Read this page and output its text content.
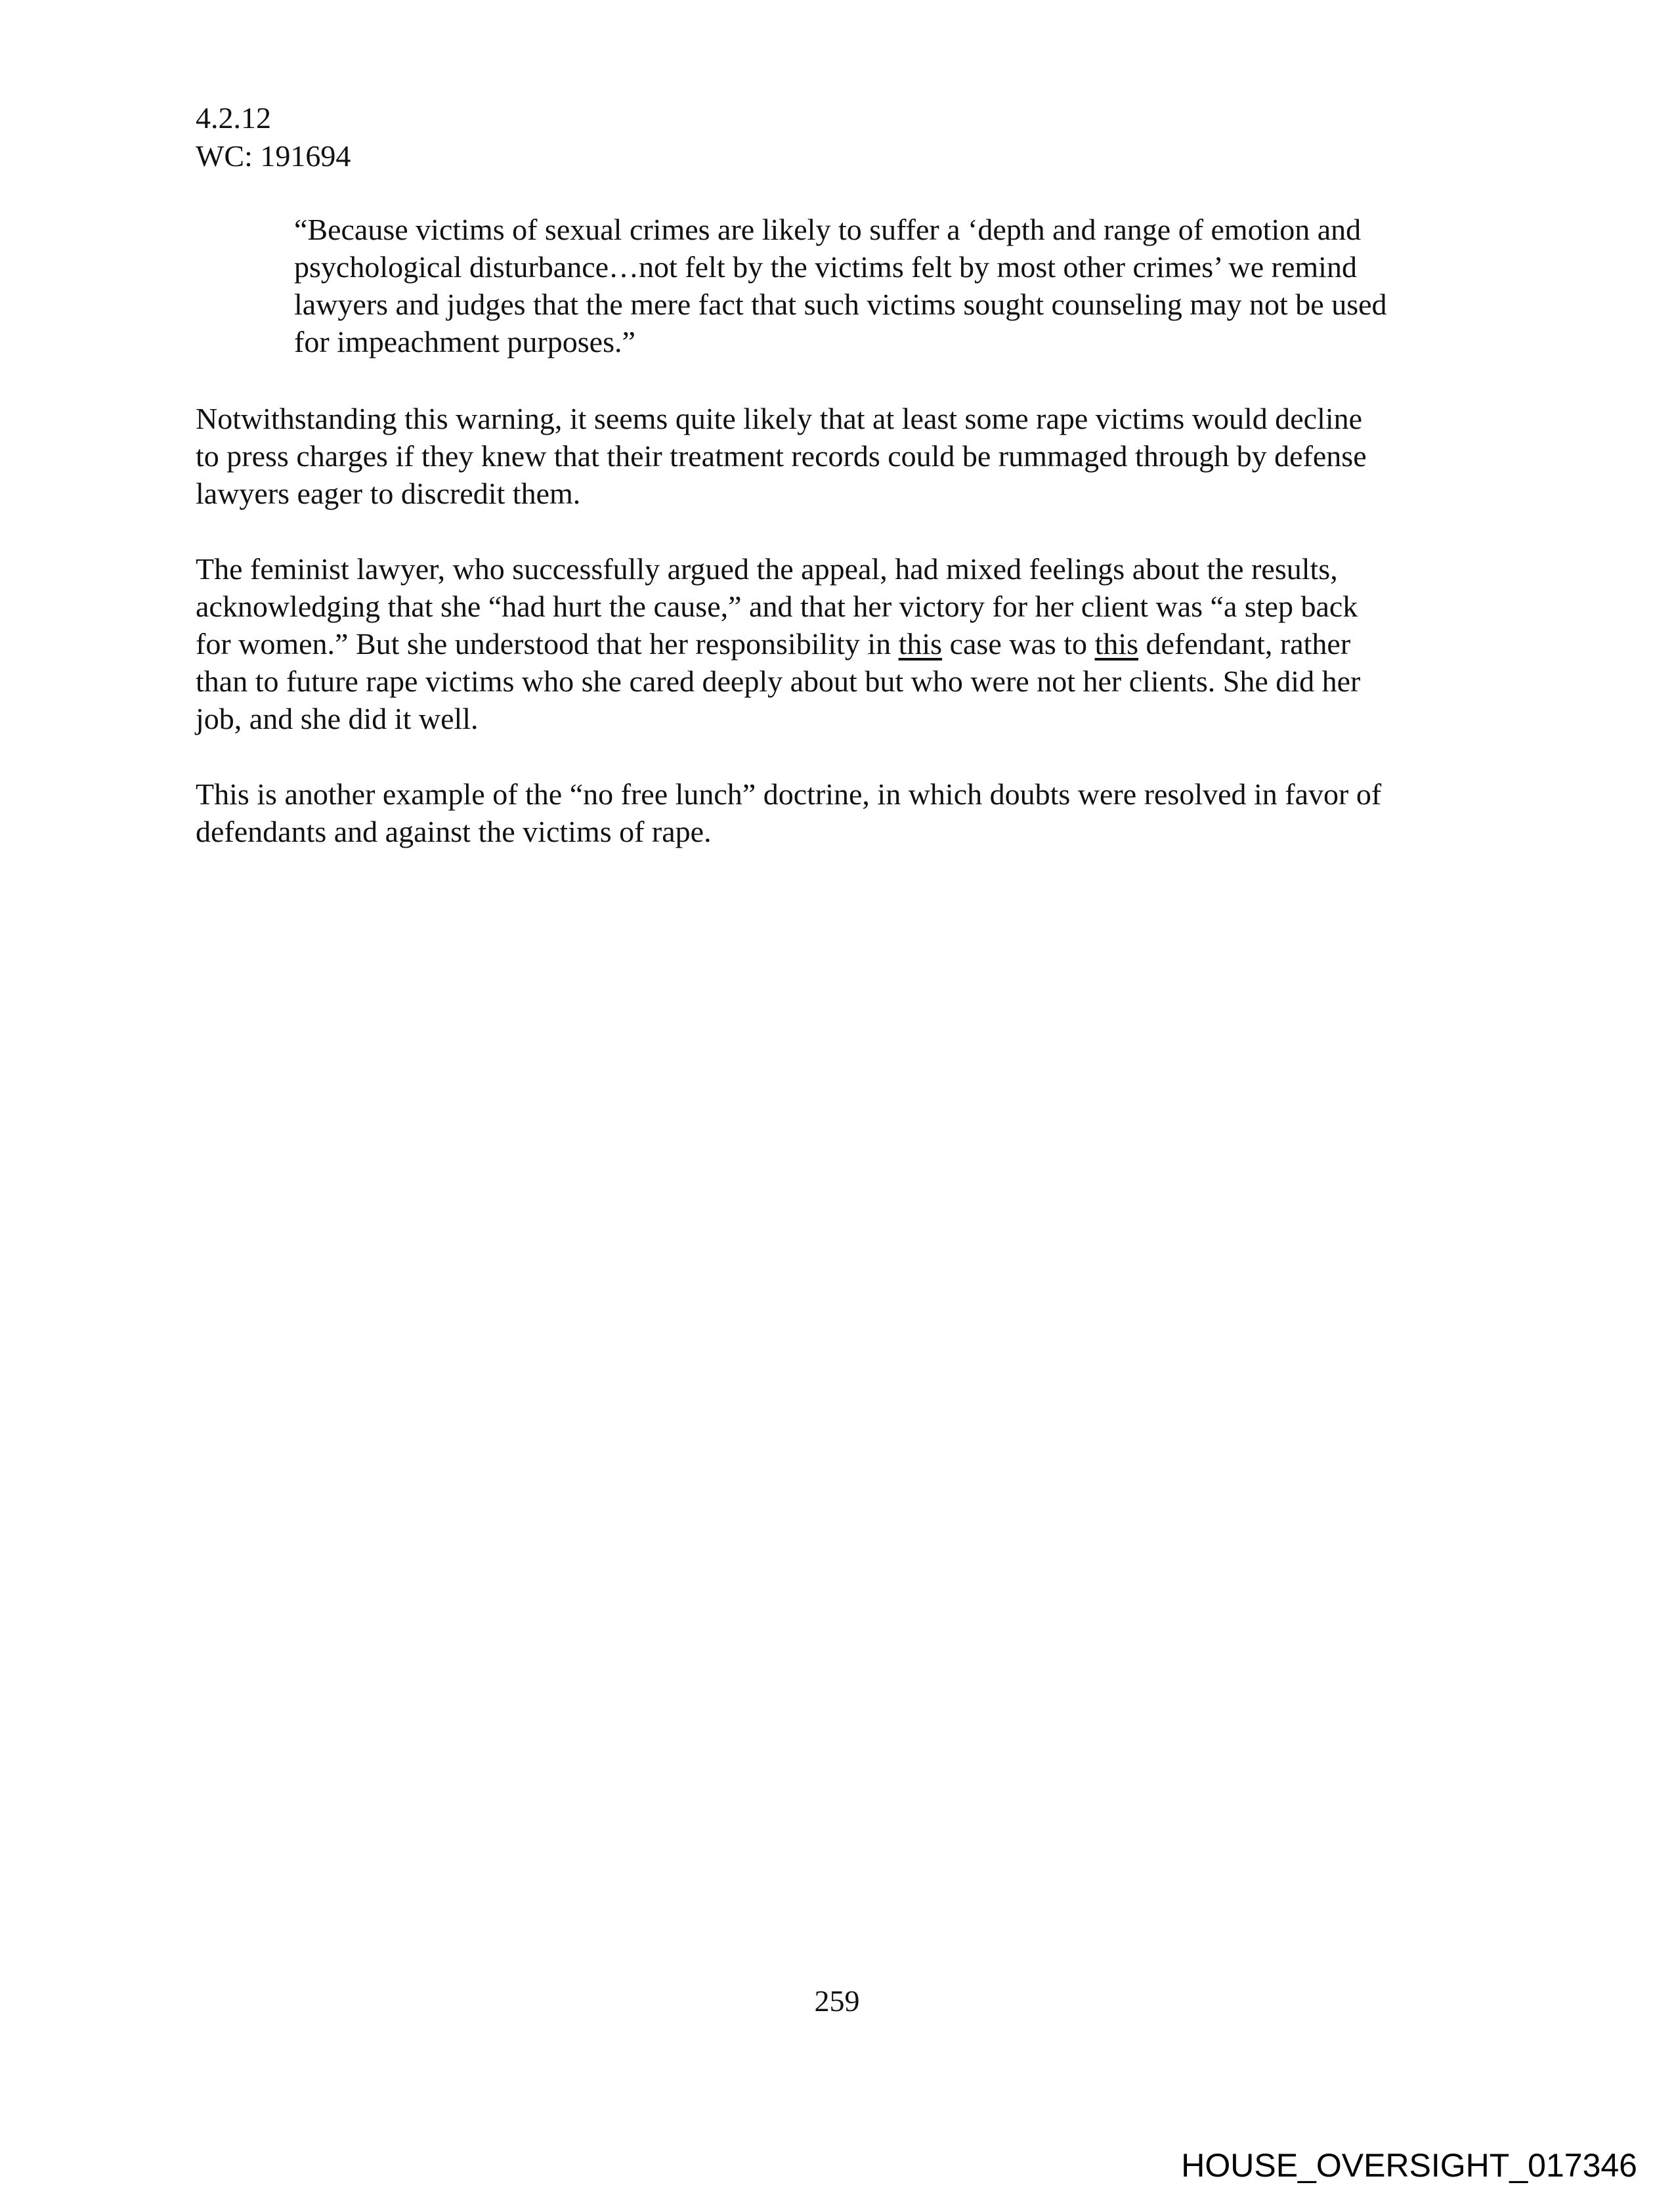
4.2.12
WC: 191694
“Because victims of sexual crimes are likely to suffer a ‘depth and range of emotion and
psychological disturbance…not felt by the victims felt by most other crimes’ we remind
lawyers and judges that the mere fact that such victims sought counseling may not be used
for impeachment purposes.”
Notwithstanding this warning, it seems quite likely that at least some rape victims would decline
to press charges if they knew that their treatment records could be rummaged through by defense
lawyers eager to discredit them.
The feminist lawyer, who successfully argued the appeal, had mixed feelings about the results,
acknowledging that she “had hurt the cause,” and that her victory for her client was “a step back
for women.” But she understood that her responsibility in this case was to this defendant, rather
than to future rape victims who she cared deeply about but who were not her clients. She did her
job, and she did it well.
This is another example of the “no free lunch” doctrine, in which doubts were resolved in favor of
defendants and against the victims of rape.
259
HOUSE_OVERSIGHT_017346
